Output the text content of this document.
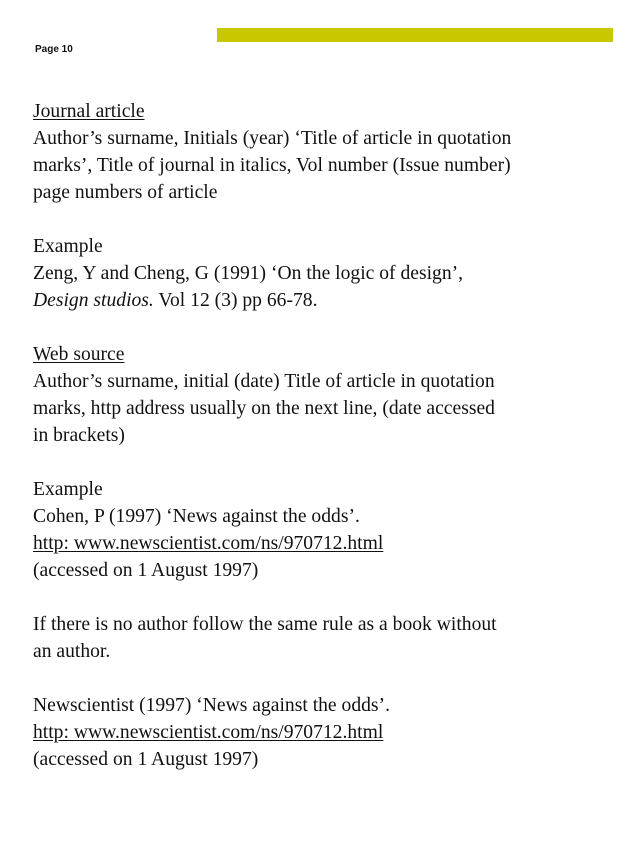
Page 10

Journal article

Author’s surname, Initials (year) ‘Title of article in quotation

marks’, Title of journal in italics, Vol number (Issue number)

page numbers of article

Example

Zeng, Y and Cheng, G (1991) ‘On the logic of design’,

Design studios. Vol 12 (3) pp 66-78.

Web source

Author’s surname, initial (date) Title of article in quotation

marks, http address usually on the next line, (date accessed

in brackets)

Example

Cohen, P (1997) ‘News against the odds’.

http: www.newscientist.com/ns/970712.html

(accessed on 1 August 1997)

If there is no author follow the same rule as a book without

an author.

Newscientist (1997) ‘News against the odds’.

http: www.newscientist.com/ns/970712.html

(accessed on 1 August 1997)
